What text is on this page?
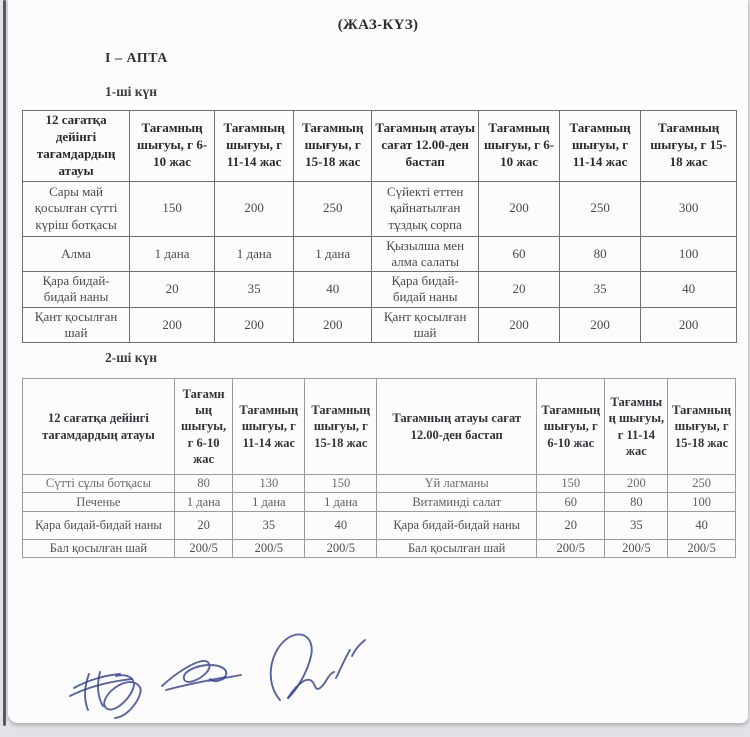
(ЖАЗ-КҮЗ)
I – АПТА
1-ші күн
12 сағатқа дейінгі тағамдардың атауы	Тағамның шығуы, г 6-10 жас	Тағамның шығуы, г 11-14 жас	Тағамның шығуы, г 15-18 жас	Тағамның атауы сағат 12.00-ден бастап	Тағамның шығуы, г 6-10 жас	Тағамның шығуы, г 11-14 жас	Тағамның шығуы, г 15-18 жас
Сары май қосылған сүтті күріш ботқасы	150	200	250	Сүйекті еттен қайнатылған тұздық сорпа	200	250	300
Алма	1 дана	1 дана	1 дана	Қызылша мен алма салаты	60	80	100
Қара бидай-бидай наны	20	35	40	Қара бидай-бидай наны	20	35	40
Қант қосылған шай	200	200	200	Қант қосылған шай	200	200	200
2-ші күн
12 сағатқа дейінгі тағамдардың атауы	Тағамның шығуы, г 6-10 жас	Тағамның шығуы, г 11-14 жас	Тағамның шығуы, г 15-18 жас	Тағамның атауы сағат 12.00-ден бастап	Тағамның шығуы, г 6-10 жас	Тағамның шығуы, г 11-14 жас	Тағамның шығуы, г 15-18 жас
Сүтті сұлы ботқасы	80	130	150	Үй лагманы	150	200	250
Печенье	1 дана	1 дана	1 дана	Витаминді салат	60	80	100
Қара бидай-бидай наны	20	35	40	Қара бидай-бидай наны	20	35	40
Бал қосылған шай	200/5	200/5	200/5	Бал қосылған шай	200/5	200/5	200/5
